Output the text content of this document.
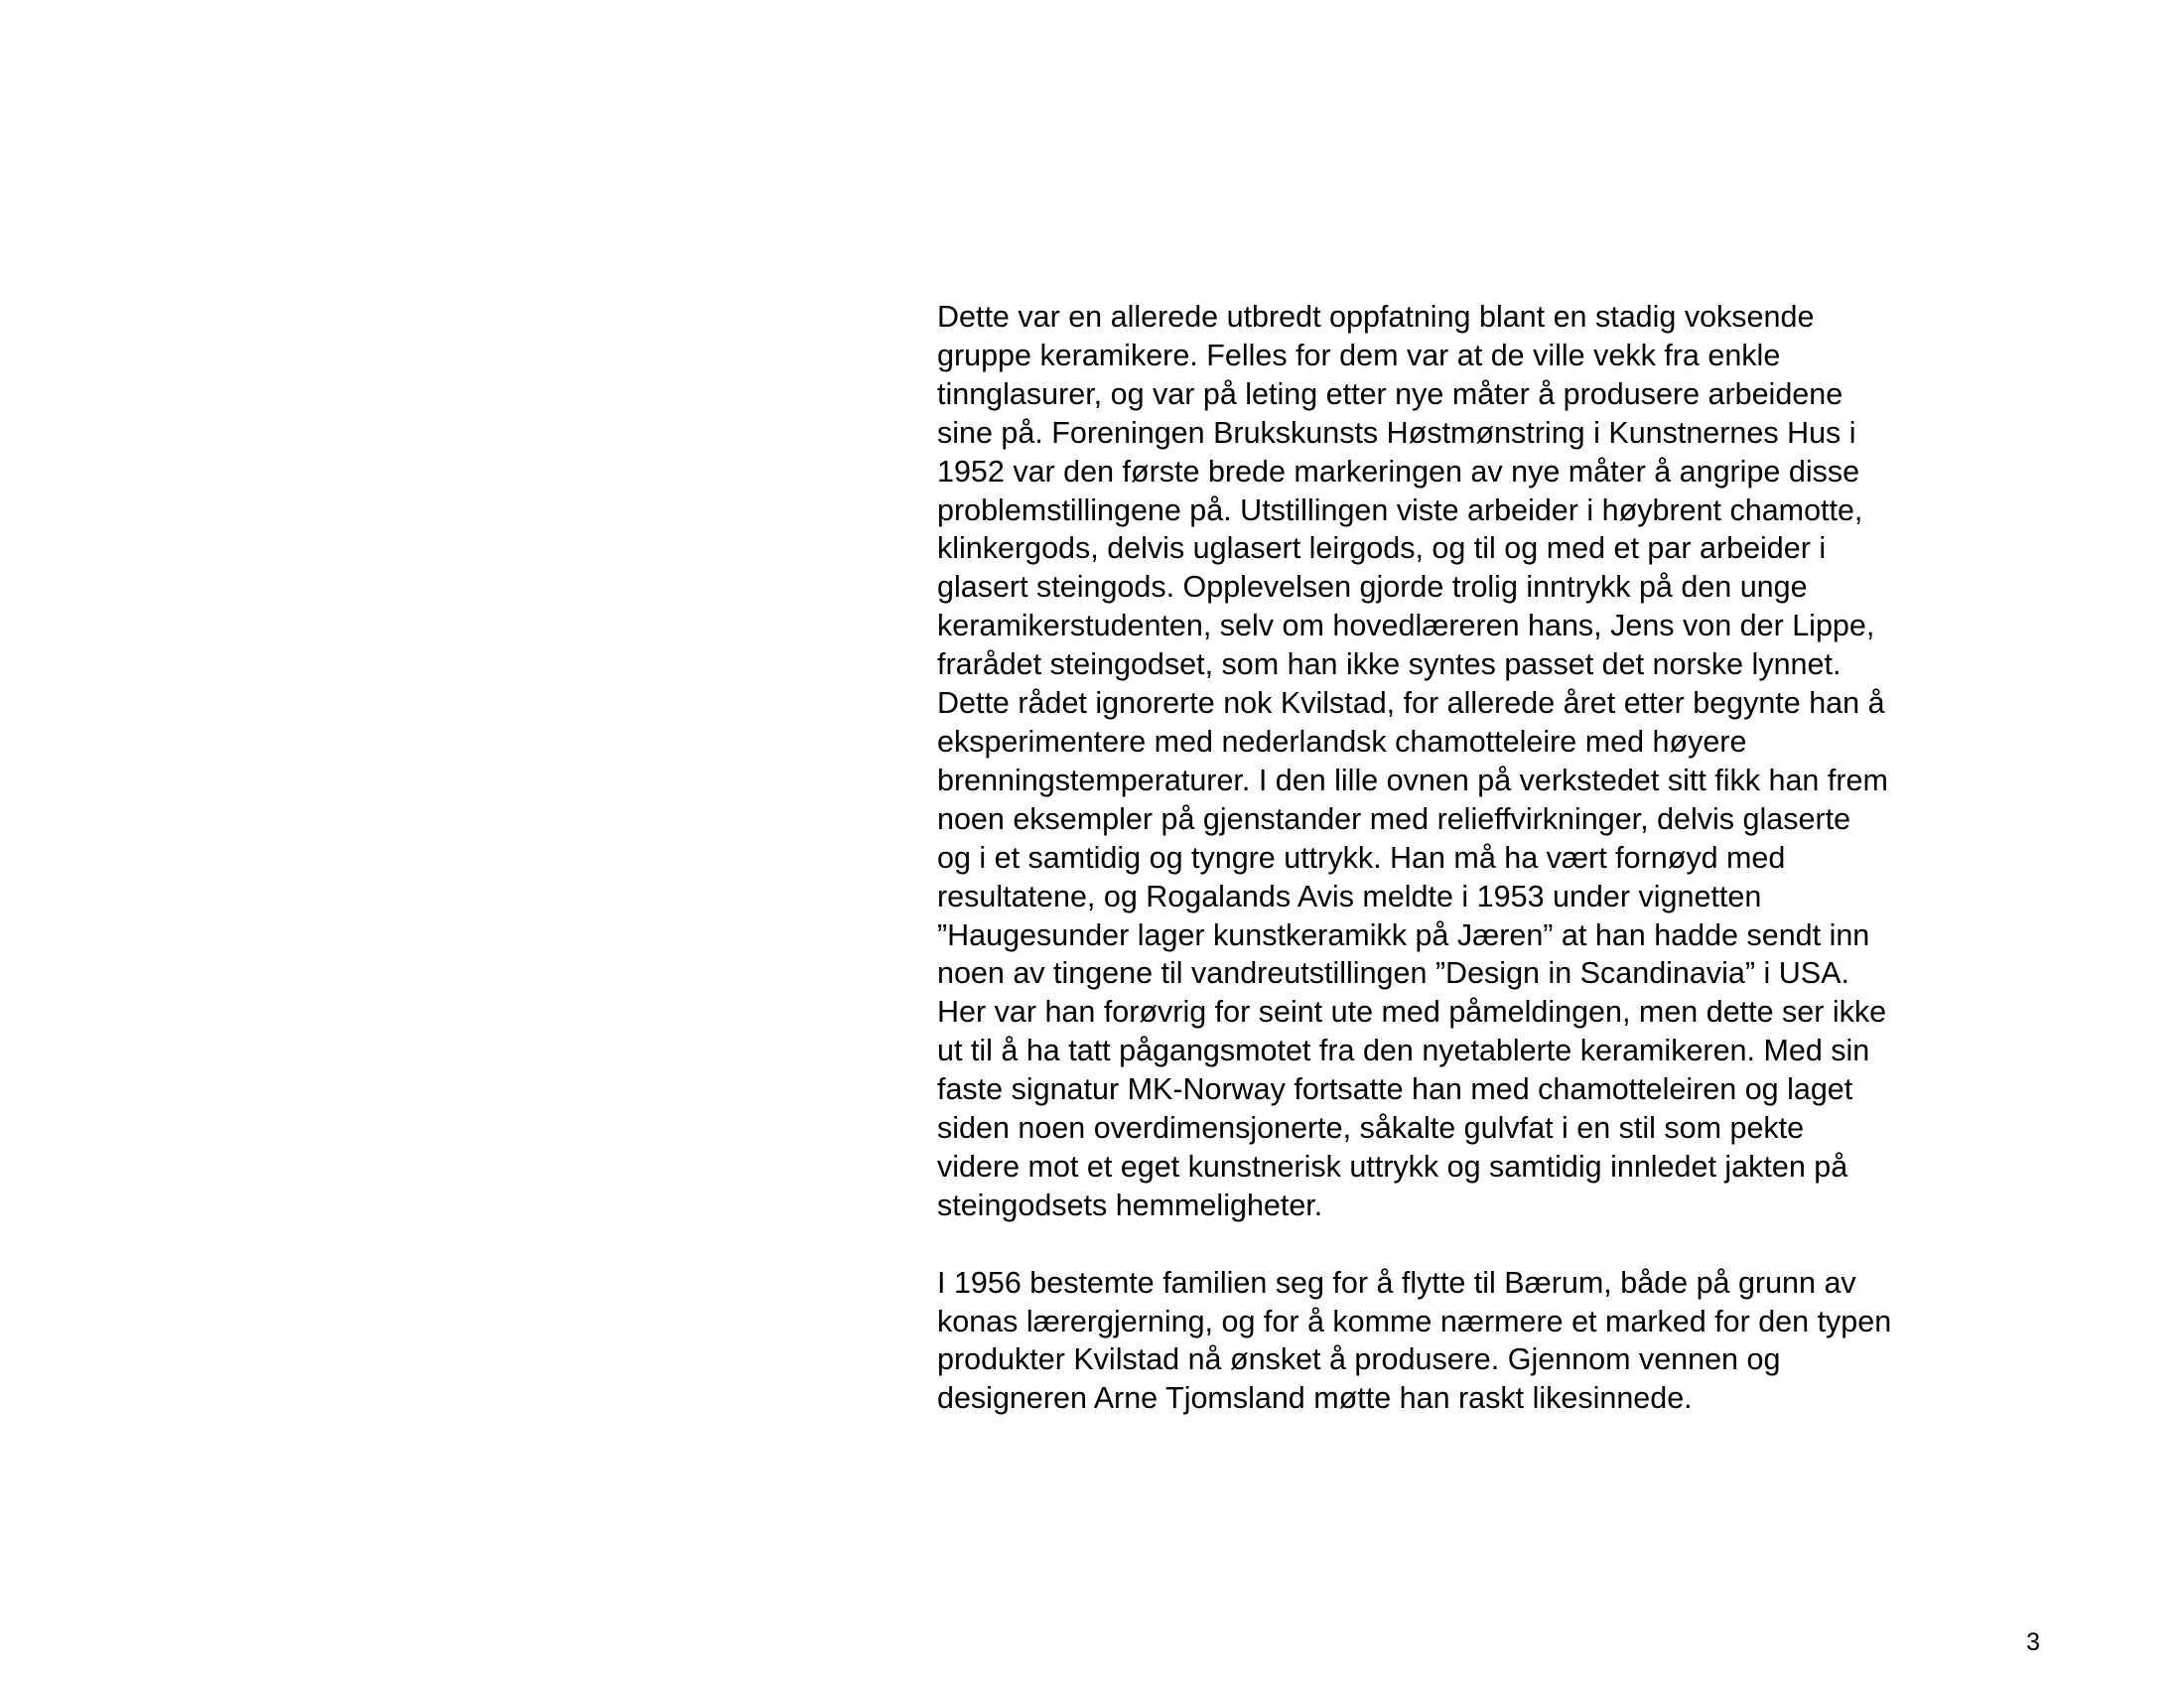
Dette var en allerede utbredt oppfatning blant en stadig voksende
gruppe keramikere. Felles for dem var at de ville vekk fra enkle
tinnglasurer, og var på leting etter nye måter å produsere arbeidene
sine på. Foreningen Brukskunsts Høstmønstring i Kunstnernes Hus i
1952 var den første brede markeringen av nye måter å angripe disse
problemstillingene på. Utstillingen viste arbeider i høybrent chamotte,
klinkergods, delvis uglasert leirgods, og til og med et par arbeider i
glasert steingods. Opplevelsen gjorde trolig inntrykk på den unge
keramikerstudenten, selv om hovedlæreren hans, Jens von der Lippe,
frarådet steingodset, som han ikke syntes passet det norske lynnet.
Dette rådet ignorerte nok Kvilstad, for allerede året etter begynte han å
eksperimentere med nederlandsk chamotteleire med høyere
brenningstemperaturer. I den lille ovnen på verkstedet sitt fikk han frem
noen eksempler på gjenstander med relieffvirkninger, delvis glaserte
og i et samtidig og tyngre uttrykk. Han må ha vært fornøyd med
resultatene, og Rogalands Avis meldte i 1953 under vignetten
”Haugesunder lager kunstkeramikk på Jæren” at han hadde sendt inn
noen av tingene til vandreutstillingen ”Design in Scandinavia” i USA.
Her var han forøvrig for seint ute med påmeldingen, men dette ser ikke
ut til å ha tatt pågangsmotet fra den nyetablerte keramikeren. Med sin
faste signatur MK-Norway fortsatte han med chamotteleiren og laget
siden noen overdimensjonerte, såkalte gulvfat i en stil som pekte
videre mot et eget kunstnerisk uttrykk og samtidig innledet jakten på
steingodsets hemmeligheter.

I 1956 bestemte familien seg for å flytte til Bærum, både på grunn av
konas lærergjerning, og for å komme nærmere et marked for den typen
produkter Kvilstad nå ønsket å produsere. Gjennom vennen og
designeren Arne Tjomsland møtte han raskt likesinnede.

3
